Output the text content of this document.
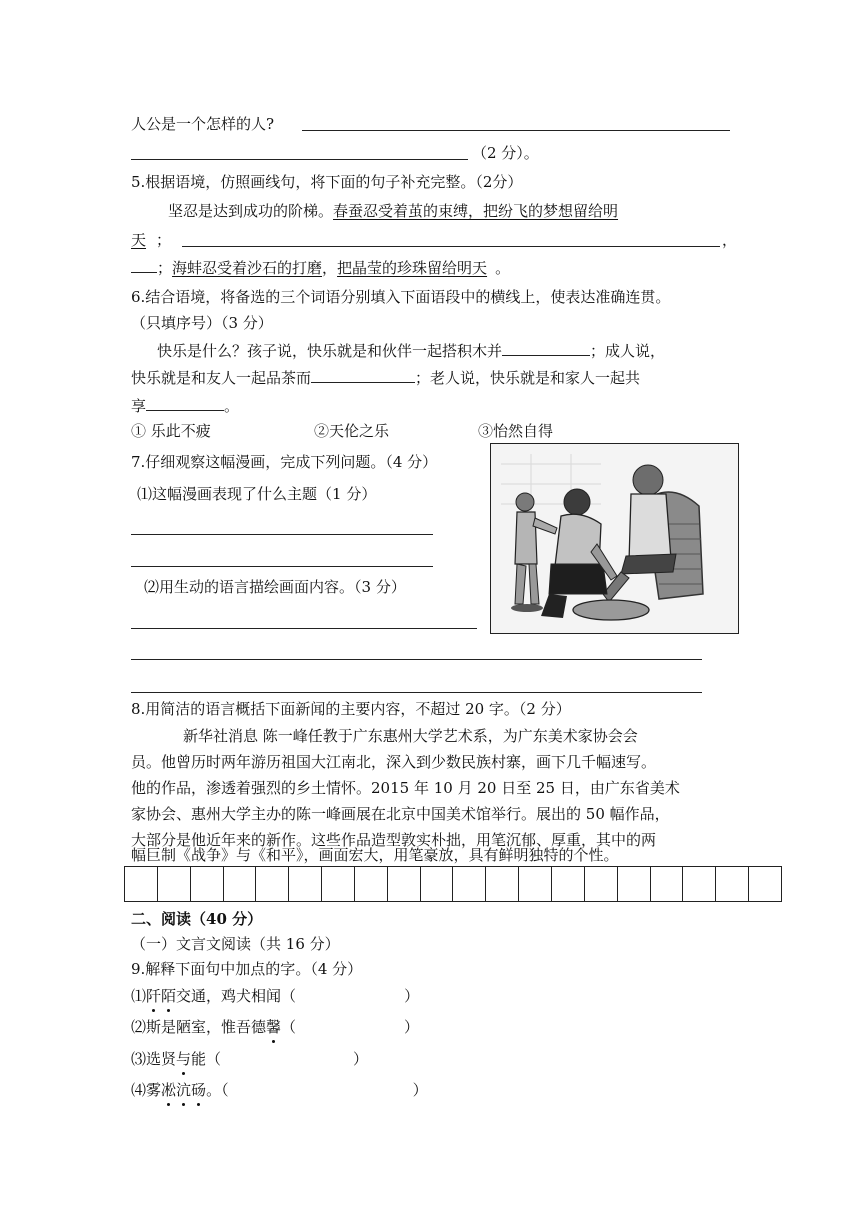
人公是一个怎样的人?
（2 分）。
5.根据语境，仿照画线句，将下面的句子补充完整。（2分）
坚忍是达到成功的阶梯。春蚕忍受着茧的束缚，把纷飞的梦想留给明
天 ；	，
；海蚌忍受着沙石的打磨，把晶莹的珍珠留给明天 。
6.结合语境，将备选的三个词语分别填入下面语段中的横线上，使表达准确连贯。
（只填序号）（3 分）
快乐是什么？孩子说，快乐就是和伙伴一起搭积木并	；成人说，
快乐就是和友人一起品茶而	；老人说，快乐就是和家人一起共
享	。
① 乐此不疲	②天伦之乐	③怡然自得
7.仔细观察这幅漫画，完成下列问题。（4 分）
⑴这幅漫画表现了什么主题（1 分）
⑵用生动的语言描绘画面内容。（3 分）
8.用简洁的语言概括下面新闻的主要内容，不超过 20 字。（2 分）
新华社消息 陈一峰任教于广东惠州大学艺术系，为广东美术家协会会
员。他曾历时两年游历祖国大江南北，深入到少数民族村寨，画下几千幅速写。
他的作品，渗透着强烈的乡土情怀。2015 年 10 月 20 日至 25 日，由广东省美术
家协会、惠州大学主办的陈一峰画展在北京中国美术馆举行。展出的 50 幅作品，
大部分是他近年来的新作。这些作品造型敦实朴拙，用笔沉郁、厚重，其中的两
幅巨制《战争》与《和平》，画面宏大，用笔豪放，具有鲜明独特的个性。
二、阅读（40 分）
（一）文言文阅读（共 16 分）
9.解释下面句中加点的字。（4 分）
⑴阡陌交通，鸡犬相闻（	）
⑵斯是陋室，惟吾德馨（	）
⑶选贤与能（	）
⑷雾凇沆砀。（	）
